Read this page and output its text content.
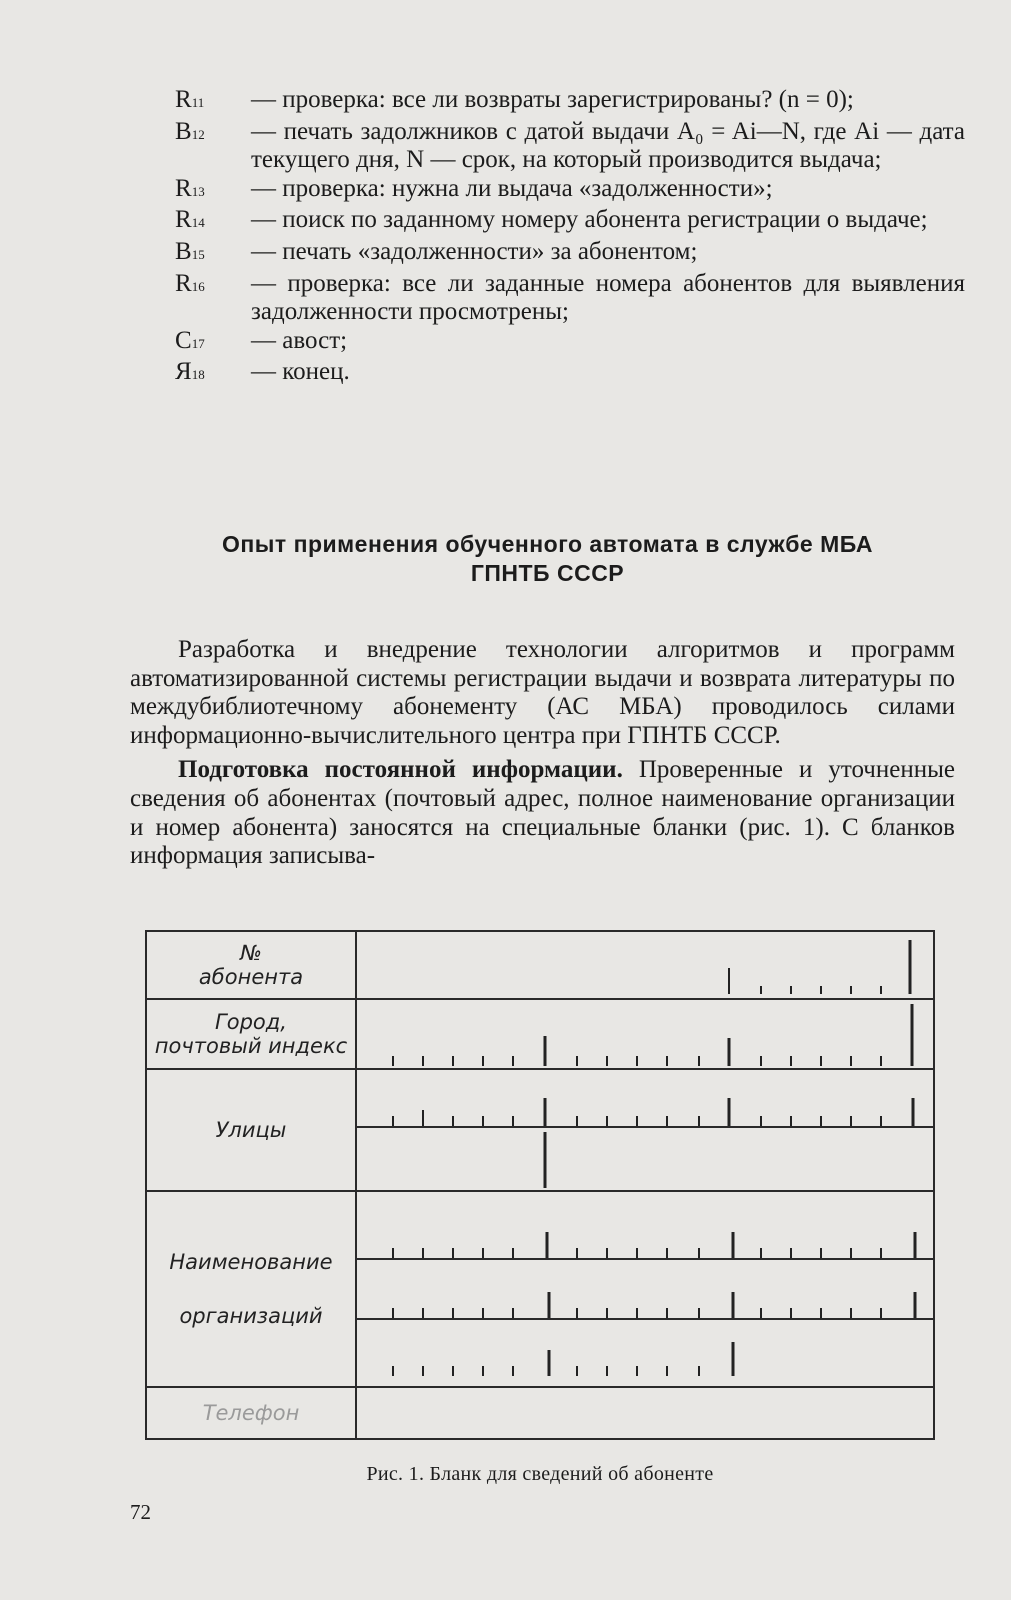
R11	— проверка: все ли возвраты зарегистрированы? (n = 0);
B12	— печать задолжников с датой выдачи A₀ = Ai—N, где Ai — дата текущего дня, N — срок, на который производится выдача;
R13	— проверка: нужна ли выдача «задолженности»;
R14	— поиск по заданному номеру абонента регистрации о выдаче;
B15	— печать «задолженности» за абонентом;
R16	— проверка: все ли заданные номера абонентов для выявления задолженности просмотрены;
C17	— авост;
Я18	— конец.
Опыт применения обученного автомата в службе МБА
ГПНТБ СССР

Разработка и внедрение технологии алгоритмов и программ автоматизированной системы регистрации выдачи и возврата литературы по междубиблиотечному абонементу (АС МБА) проводилось силами информационно-вычислительного центра при ГПНТБ СССР.

Подготовка постоянной информации. Проверенные и уточненные сведения об абонентах (почтовый адрес, полное наименование организации и номер абонента) заносятся на специальные бланки (рис. 1). С бланков информация записыва-

№
абонента
Город,
почтовый индекс
Улицы
Наименование
организаций
Телефон
Рис. 1. Бланк для сведений об абоненте
72
